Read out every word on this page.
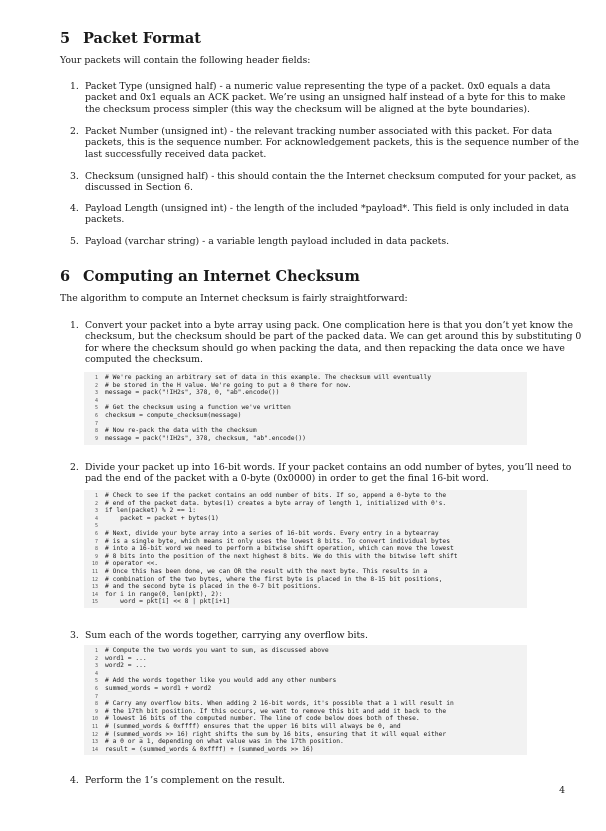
5 Packet Format

Your packets will contain the following header fields:

1. Packet Type (unsigned half) - a numeric value representing the type of a packet. 0x0 equals a data
packet and 0x1 equals an ACK packet. We’re using an unsigned half instead of a byte for this to make
the checksum process simpler (this way the checksum will be aligned at the byte boundaries).
2. Packet Number (unsigned int) - the relevant tracking number associated with this packet. For data
packets, this is the sequence number. For acknowledgement packets, this is the sequence number of the
last successfully received data packet.
3. Checksum (unsigned half) - this should contain the the Internet checksum computed for your packet, as
discussed in Section 6.
4. Payload Length (unsigned int) - the length of the included *payload*. This field is only included in data
packets.
5. Payload (varchar string) - a variable length payload included in data packets.
6 Computing an Internet Checksum

The algorithm to compute an Internet checksum is fairly straightforward:

1. Convert your packet into a byte array using pack. One complication here is that you don’t yet know the
checksum, but the checksum should be part of the packed data. We can get around this by substituting 0
for where the checksum should go when packing the data, and then repacking the data once we have
computed the checksum.
1 # We're packing an arbitrary set of data in this example. The checksum will eventually
2 # be stored in the H value. We're going to put a 0 there for now.
3 message = pack("!IH2s", 378, 0, "ab".encode())
4
5 # Get the checksum using a function we've written
6 checksum = compute_checksum(message)
7
8 # Now re-pack the data with the checksum
9 message = pack("!IH2s", 378, checksum, "ab".encode())
2. Divide your packet up into 16-bit words. If your packet contains an odd number of bytes, you’ll need to
pad the end of the packet with a 0-byte (0x0000) in order to get the final 16-bit word.
1 # Check to see if the packet contains an odd number of bits. If so, append a 0-byte to the
2 # end of the packet data. bytes(1) creates a byte array of length 1, initialized with 0's.
3 if len(packet) % 2 == 1:
4    packet = packet + bytes(1)
5
6 # Next, divide your byte array into a series of 16-bit words. Every entry in a bytearray
7 # is a single byte, which means it only uses the lowest 8 bits. To convert individual bytes
8 # into a 16-bit word we need to perform a bitwise shift operation, which can move the lowest
9 # 8 bits into the position of the next highest 8 bits. We do this with the bitwise left shift
10 # operator <<.
11 # Once this has been done, we can OR the result with the next byte. This results in a
12 # combination of the two bytes, where the first byte is placed in the 8-15 bit positions,
13 # and the second byte is placed in the 0-7 bit positions.
14 for i in range(0, len(pkt), 2):
15    word = pkt[i] << 8 | pkt[i+1]
3. Sum each of the words together, carrying any overflow bits.
1 # Compute the two words you want to sum, as discussed above
2 word1 = ...
3 word2 = ...
4
5 # Add the words together like you would add any other numbers
6 summed_words = word1 + word2
7
8 # Carry any overflow bits. When adding 2 16-bit words, it's possible that a 1 will result in
9 # the 17th bit position. If this occurs, we want to remove this bit and add it back to the
10 # lowest 16 bits of the computed number. The line of code below does both of these.
11 # (summed_words & 0xffff) ensures that the upper 16 bits will always be 0, and
12 # (summed_words >> 16) right shifts the sum by 16 bits, ensuring that it will equal either
13 # a 0 or a 1, depending on what value was in the 17th position.
14 result = (summed_words & 0xffff) + (summed_words >> 16)
4. Perform the 1’s complement on the result.

4
